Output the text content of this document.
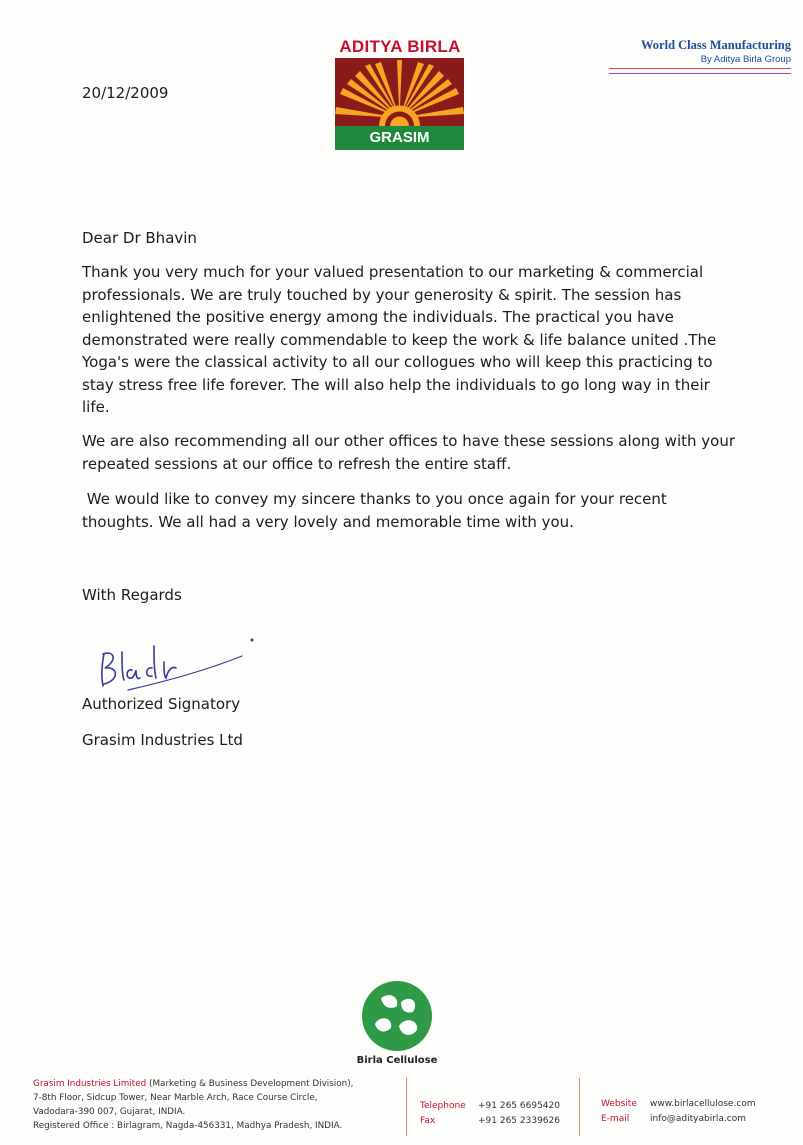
20/12/2009
ADITYA BIRLA
GRASIM
World Class Manufacturing
By Aditya Birla Group
Dear Dr Bhavin
Thank you very much for your valued presentation to our marketing & commercial professionals. We are truly touched by your generosity & spirit. The session has enlightened the positive energy among the individuals. The practical you have demonstrated were really commendable to keep the work & life balance united .The Yoga's were the classical activity to all our collogues who will keep this practicing to stay stress free life forever. The will also help the individuals to go long way in their life.
We are also recommending all our other offices to have these sessions along with your repeated sessions at our office to refresh the entire staff.
We would like to convey my sincere thanks to you once again for your recent thoughts. We all had a very lovely and memorable time with you.
With Regards
Authorized Signatory
Grasim Industries Ltd
Birla Cellulose
Grasim Industries Limited (Marketing & Business Development Division),
7-8th Floor, Sidcup Tower, Near Marble Arch, Race Course Circle,
Vadodara-390 007, Gujarat, INDIA.
Registered Office : Birlagram, Nagda-456331, Madhya Pradesh, INDIA.
Telephone
Fax
+91 265 6695420
+91 265 2339626
Website
E-mail
www.birlacellulose.com
info@adityabirla.com
